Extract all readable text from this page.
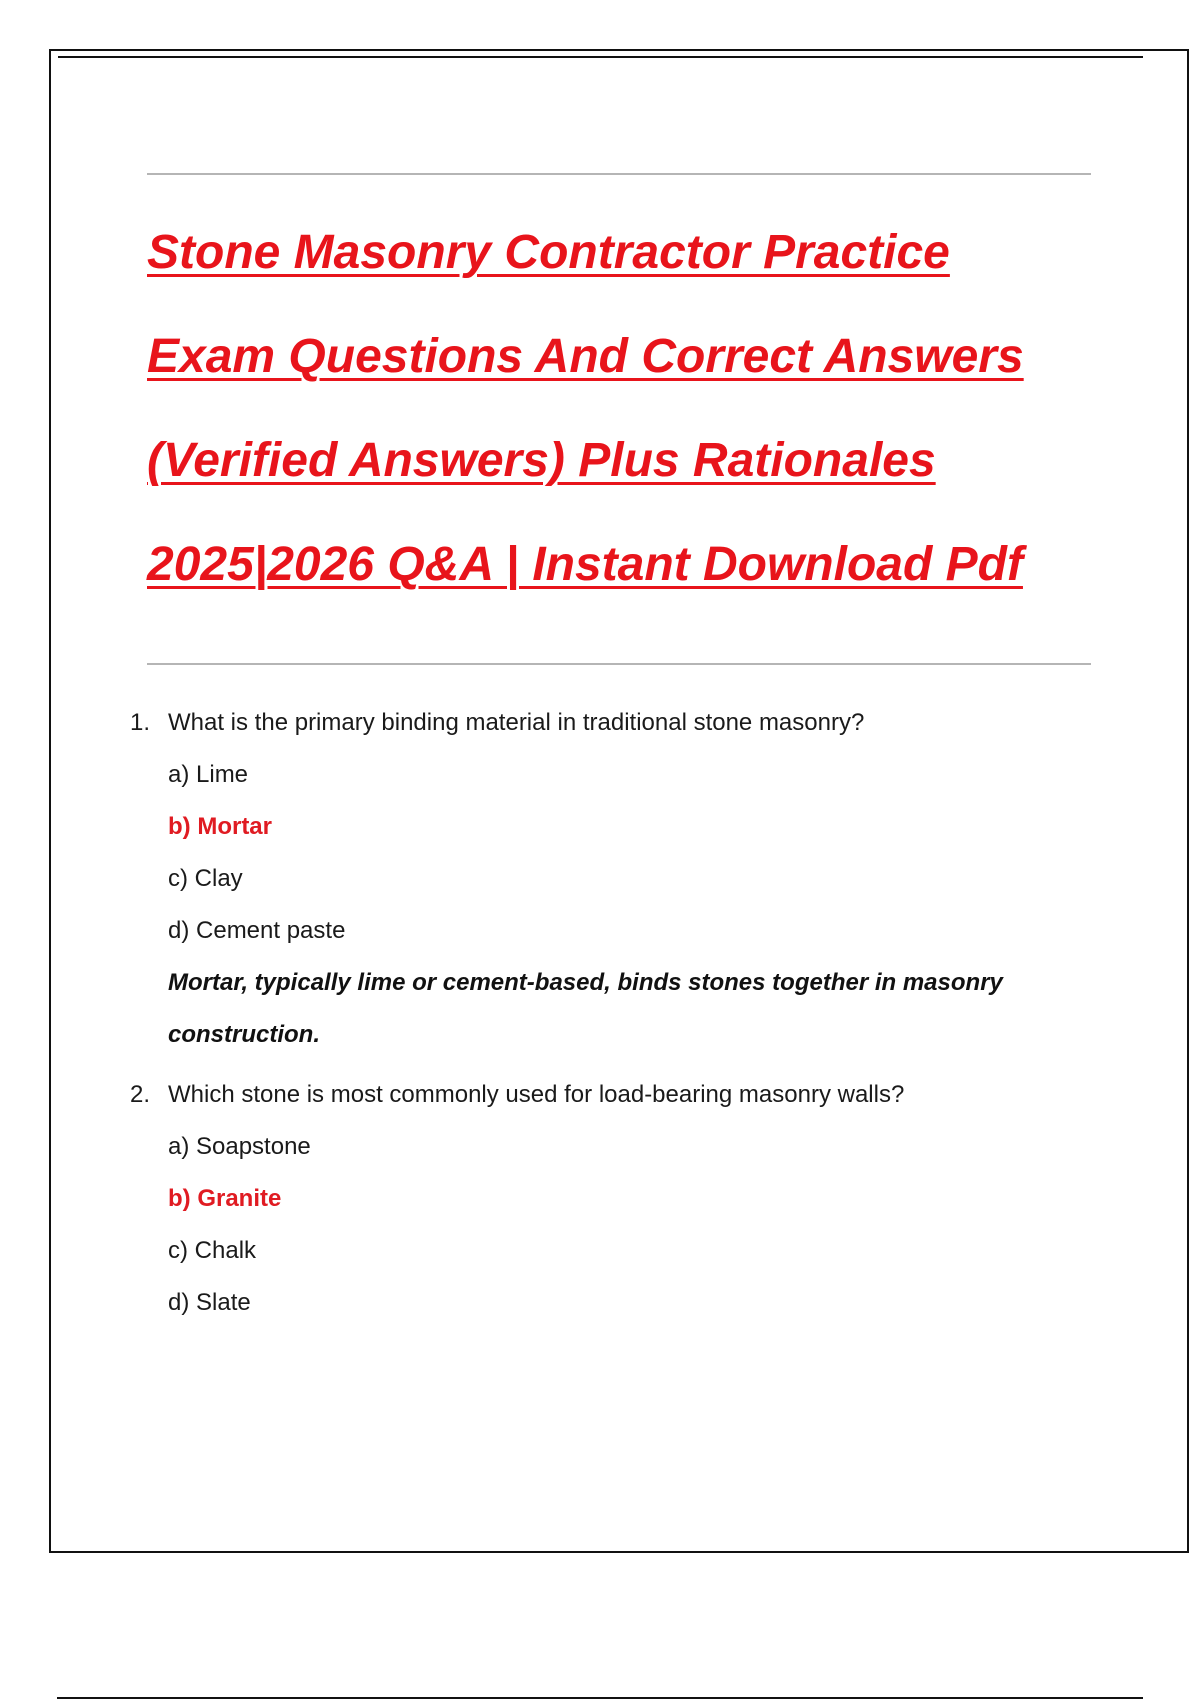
Stone Masonry Contractor Practice
Exam Questions And Correct Answers
(Verified Answers) Plus Rationales
2025|2026 Q&A | Instant Download Pdf
1. What is the primary binding material in traditional stone masonry?
a) Lime
b) Mortar
c) Clay
d) Cement paste
Mortar, typically lime or cement-based, binds stones together in masonry construction.
2. Which stone is most commonly used for load-bearing masonry walls?
a) Soapstone
b) Granite
c) Chalk
d) Slate
